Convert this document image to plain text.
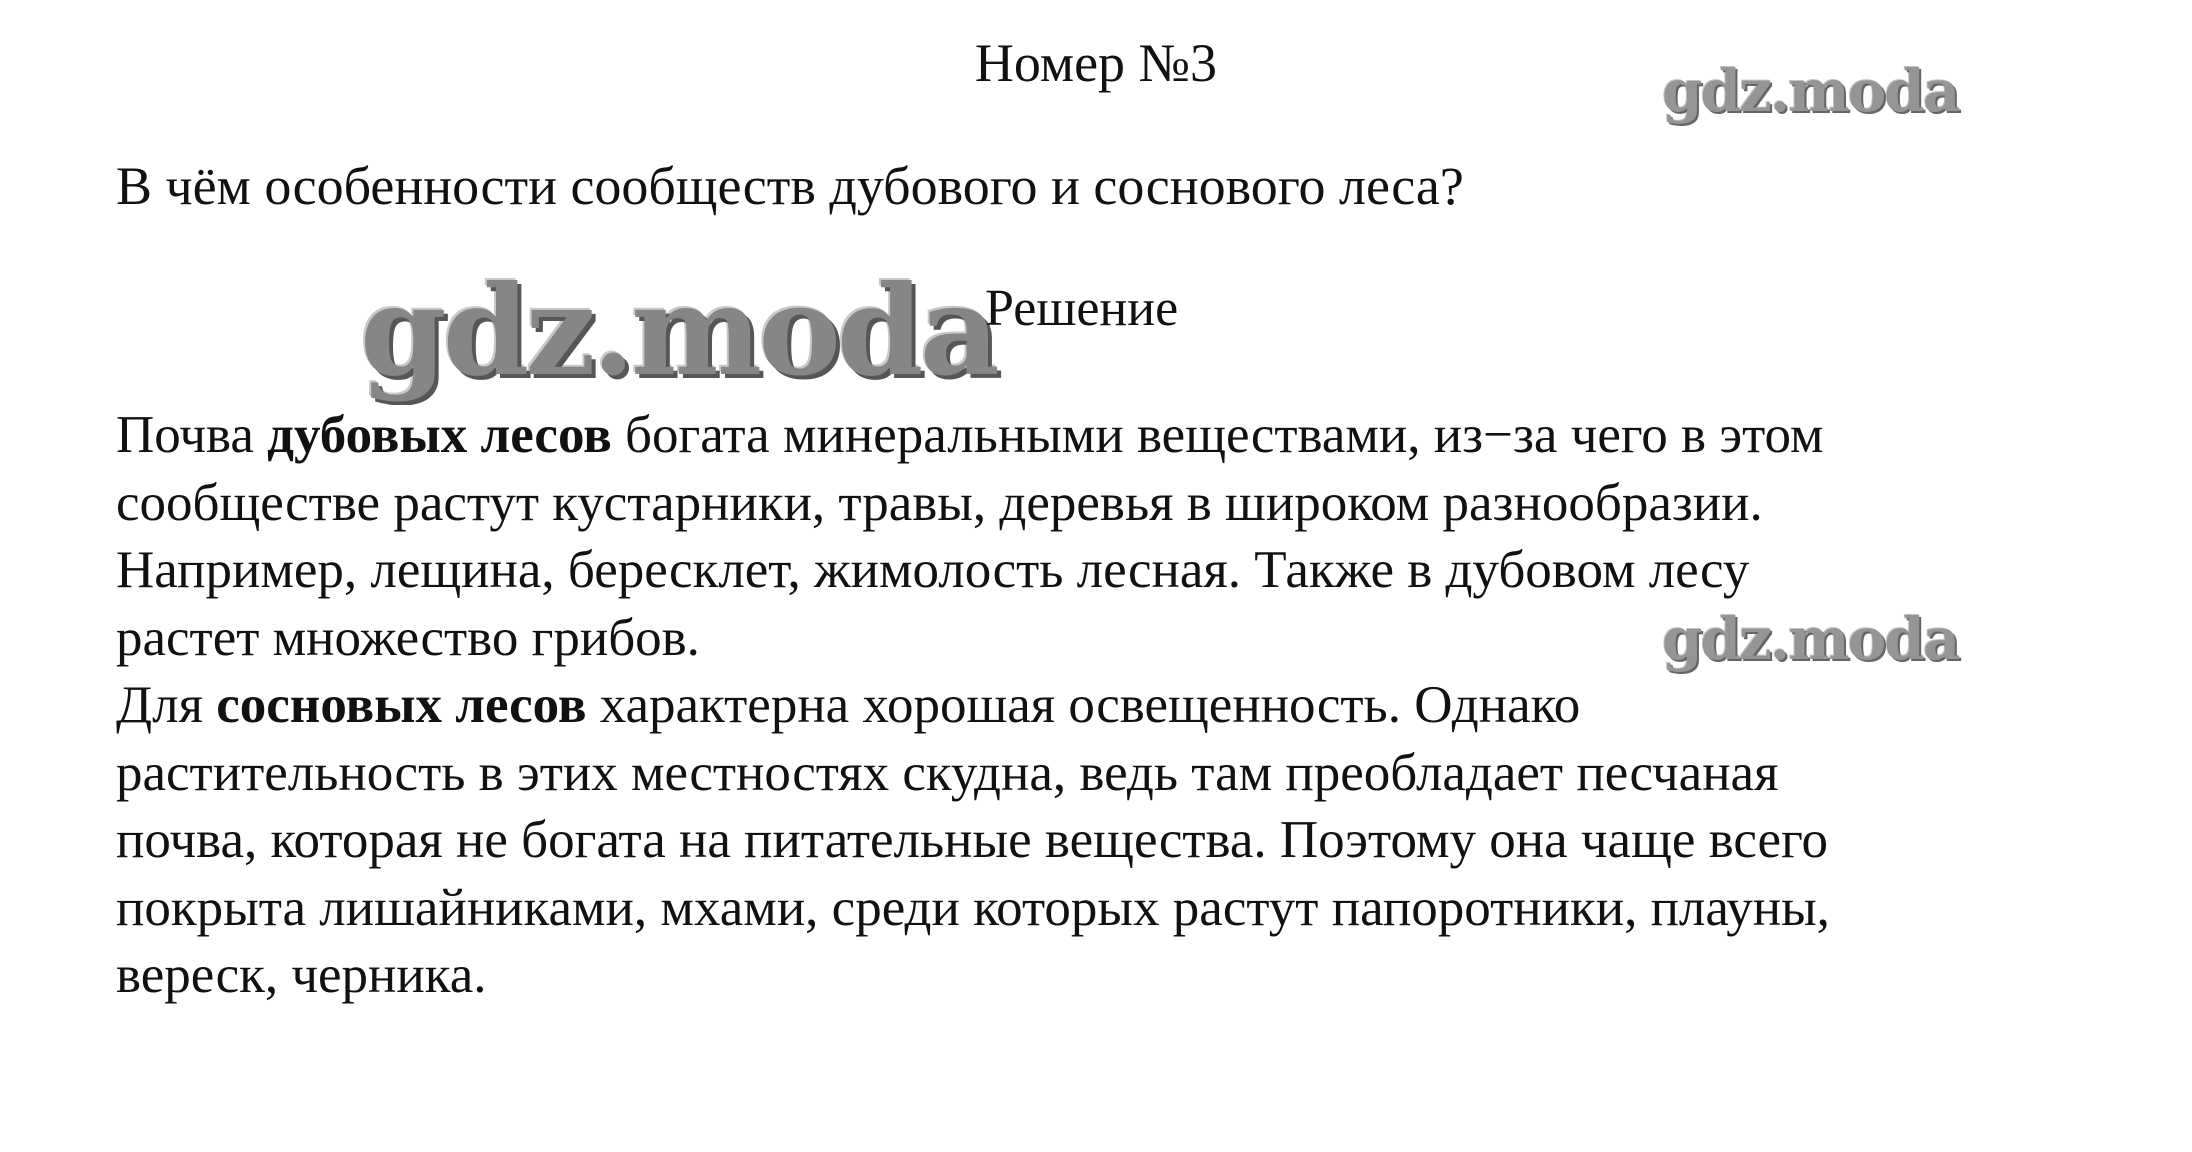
Номер №3	gdz.moda
В чём особенности сообществ дубового и соснового леса?
gdz.moda
Решение
Почва дубовых лесов богата минеральными веществами, из−за чего в этом
сообществе растут кустарники, травы, деревья в широком разнообразии.
Например, лещина, бересклет, жимолость лесная. Также в дубовом лесу
растет множество грибов.
Для сосновых лесов характерна хорошая освещенность. Однако
растительность в этих местностях скудна, ведь там преобладает песчаная
почва, которая не богата на питательные вещества. Поэтому она чаще всего
покрыта лишайниками, мхами, среди которых растут папоротники, плауны,
вереск, черника.
gdz.moda
